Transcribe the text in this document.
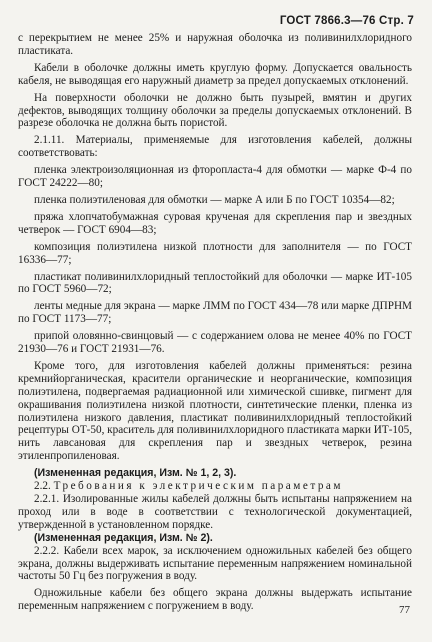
ГОСТ 7866.3—76 Стр. 7

с перекрытием не менее 25% и наружная оболочка из поливинилхлоридного пластиката.

Кабели в оболочке должны иметь круглую форму. Допускается овальность кабеля, не выводящая его наружный диаметр за предел допускаемых отклонений.

На поверхности оболочки не должно быть пузырей, вмятин и других дефектов, выводящих толщину оболочки за пределы допускаемых отклонений. В разрезе оболочка не должна быть пористой.

2.1.11. Материалы, применяемые для изготовления кабелей, должны соответствовать:

пленка электроизоляционная из фторопласта-4 для обмотки — марке Ф-4 по ГОСТ 24222—80;

пленка полиэтиленовая для обмотки — марке А или Б по ГОСТ 10354—82;

пряжа хлопчатобумажная суровая крученая для скрепления пар и звездных четверок — ГОСТ 6904—83;

композиция полиэтилена низкой плотности для заполнителя — по ГОСТ 16336—77;

пластикат поливинилхлоридный теплостойкий для оболочки — марке ИТ-105 по ГОСТ 5960—72;

ленты медные для экрана — марке ЛММ по ГОСТ 434—78 или марке ДПРНМ по ГОСТ 1173—77;

припой оловянно-свинцовый — с содержанием олова не менее 40% по ГОСТ 21930—76 и ГОСТ 21931—76.

Кроме того, для изготовления кабелей должны применяться: резина кремнийорганическая, красители органические и неорганические, композиция полиэтилена, подвергаемая радиационной или химической сшивке, пигмент для окрашивания полиэтилена низкой плотности, синтетические пленки, пленка из полиэтилена низкого давления, пластикат поливинилхлоридный теплостойкий рецептуры ОТ-50, краситель для поливинилхлоридного пластиката марки ИТ-105, нить лавсановая для скрепления пар и звездных четверок, резина этиленпропиленовая.

(Измененная редакция, Изм. № 1, 2, 3).

2.2. Требования к электрическим параметрам

2.2.1. Изолированные жилы кабелей должны быть испытаны напряжением на проход или в воде в соответствии с технологической документацией, утвержденной в установленном порядке.

(Измененная редакция, Изм. № 2).

2.2.2. Кабели всех марок, за исключением одножильных кабелей без общего экрана, должны выдерживать испытание переменным напряжением номинальной частоты 50 Гц без погружения в воду.

Одножильные кабели без общего экрана должны выдержать испытание переменным напряжением с погружением в воду.	77
